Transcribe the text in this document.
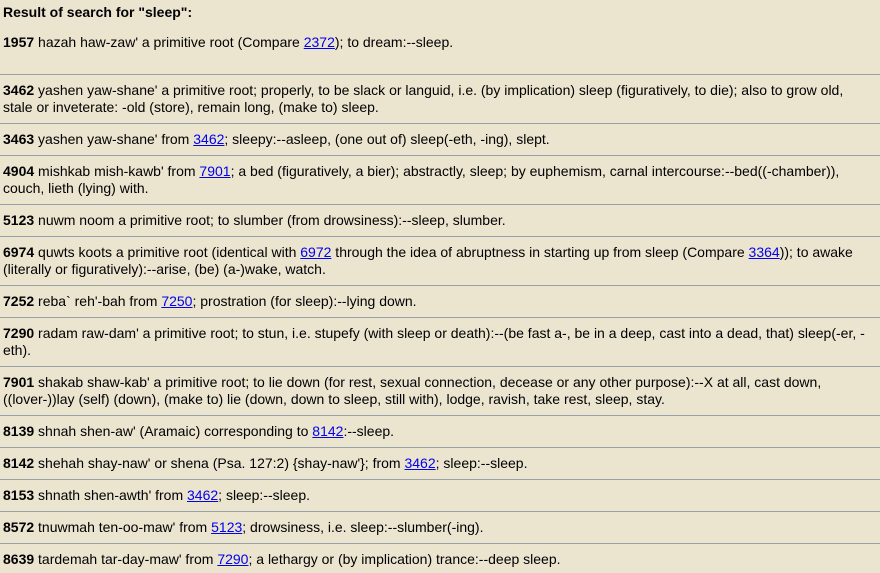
Result of search for "sleep":

1957 hazah haw-zaw' a primitive root (Compare 2372); to dream:--sleep.

3462 yashen yaw-shane' a primitive root; properly, to be slack or languid, i.e. (by implication) sleep (figuratively, to die); also to grow old, stale or inveterate: -old (store), remain long, (make to) sleep.

3463 yashen yaw-shane' from 3462; sleepy:--asleep, (one out of) sleep(-eth, -ing), slept.

4904 mishkab mish-kawb' from 7901; a bed (figuratively, a bier); abstractly, sleep; by euphemism, carnal intercourse:--bed((-chamber)), couch, lieth (lying) with.

5123 nuwm noom a primitive root; to slumber (from drowsiness):--sleep, slumber.

6974 quwts koots a primitive root (identical with 6972 through the idea of abruptness in starting up from sleep (Compare 3364)); to awake (literally or figuratively):--arise, (be) (a-)wake, watch.

7252 reba` reh'-bah from 7250; prostration (for sleep):--lying down.

7290 radam raw-dam' a primitive root; to stun, i.e. stupefy (with sleep or death):--(be fast a-, be in a deep, cast into a dead, that) sleep(-er, -eth).

7901 shakab shaw-kab' a primitive root; to lie down (for rest, sexual connection, decease or any other purpose):--X at all, cast down, ((lover-))lay (self) (down), (make to) lie (down, down to sleep, still with), lodge, ravish, take rest, sleep, stay.

8139 shnah shen-aw' (Aramaic) corresponding to 8142:--sleep.

8142 shehah shay-naw' or shena (Psa. 127:2) {shay-naw'}; from 3462; sleep:--sleep.

8153 shnath shen-awth' from 3462; sleep:--sleep.

8572 tnuwmah ten-oo-maw' from 5123; drowsiness, i.e. sleep:--slumber(-ing).

8639 tardemah tar-day-maw' from 7290; a lethargy or (by implication) trance:--deep sleep.
